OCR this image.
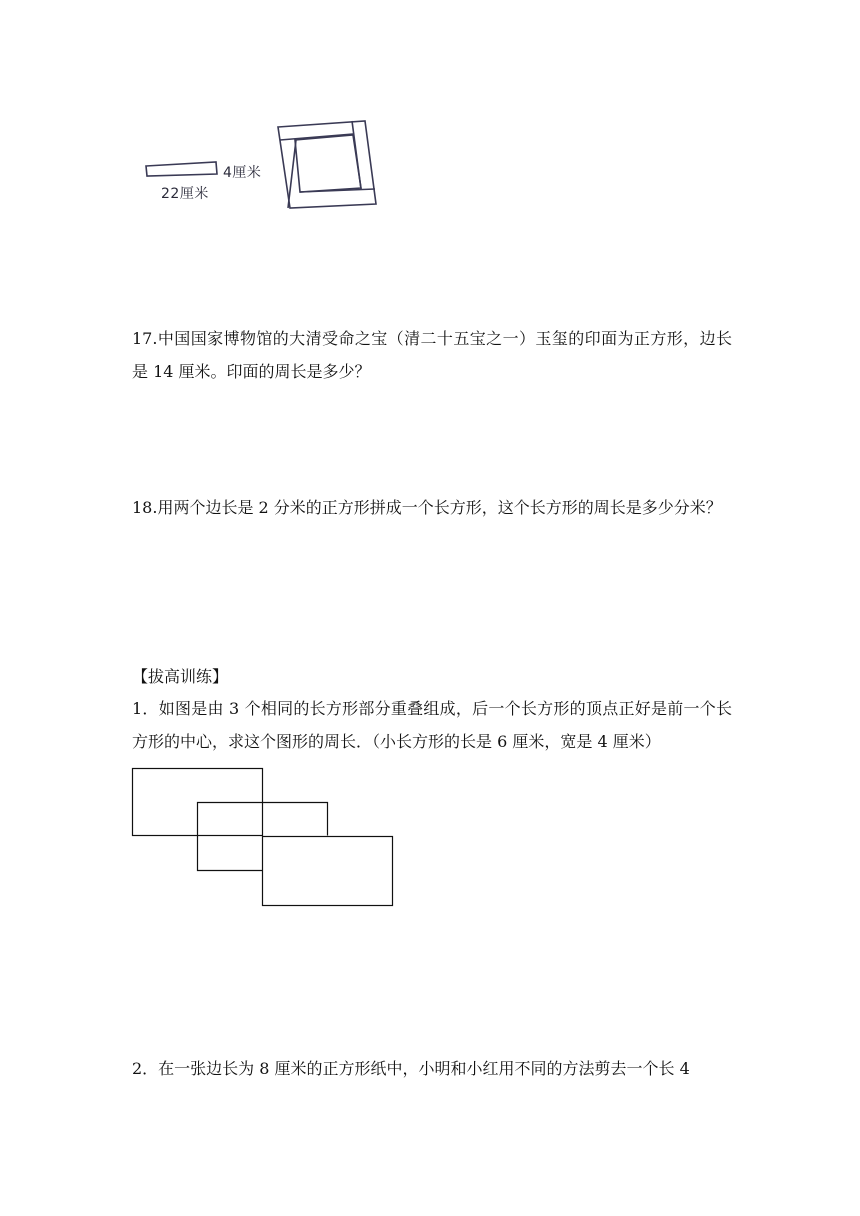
4厘米
22厘米
17.中国国家博物馆的大清受命之宝（清二十五宝之一）玉玺的印面为正方形，边长是 14 厘米。印面的周长是多少？
18.用两个边长是 2 分米的正方形拼成一个长方形，这个长方形的周长是多少分米？
【拔高训练】
1．如图是由 3 个相同的长方形部分重叠组成，后一个长方形的顶点正好是前一个长方形的中心，求这个图形的周长．（小长方形的长是 6 厘米，宽是 4 厘米）
2．在一张边长为 8 厘米的正方形纸中，小明和小红用不同的方法剪去一个长 4
